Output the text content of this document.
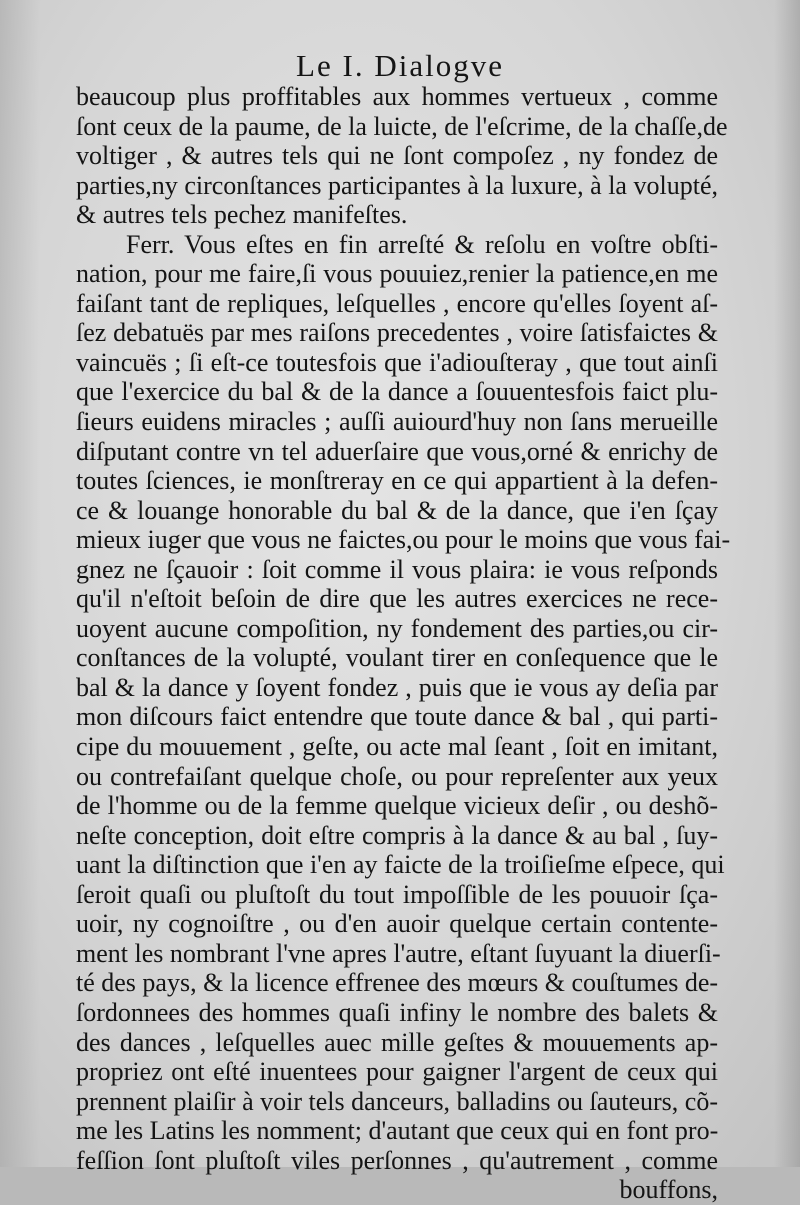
Le I. Dialogve
beaucoup plus proffitables aux hommes vertueux , comme
ſont ceux de la paume, de la luicte, de l'eſcrime, de la chaſſe,de
voltiger , & autres tels qui ne ſont compoſez , ny fondez de
parties,ny circonſtances participantes à la luxure, à la volupté,
& autres tels pechez manifeſtes.
Ferr. Vous eſtes en fin arreſté & reſolu en voſtre obſti-
nation, pour me faire,ſi vous pouuiez,renier la patience,en me
faiſant tant de repliques, leſquelles , encore qu'elles ſoyent aſ-
ſez debatuës par mes raiſons precedentes , voire ſatisfaictes &
vaincuës ; ſi eſt-ce toutesfois que i'adiouſteray , que tout ainſi
que l'exercice du bal & de la dance a ſouuentesfois faict plu-
ſieurs euidens miracles ; auſſi auiourd'huy non ſans merueille
diſputant contre vn tel aduerſaire que vous,orné & enrichy de
toutes ſciences, ie monſtreray en ce qui appartient à la defen-
ce & louange honorable du bal & de la dance, que i'en ſçay
mieux iuger que vous ne faictes,ou pour le moins que vous fai-
gnez ne ſçauoir : ſoit comme il vous plaira: ie vous reſponds
qu'il n'eſtoit beſoin de dire que les autres exercices ne rece-
uoyent aucune compoſition, ny fondement des parties,ou cir-
conſtances de la volupté, voulant tirer en conſequence que le
bal & la dance y ſoyent fondez , puis que ie vous ay deſia par
mon diſcours faict entendre que toute dance & bal , qui parti-
cipe du mouuement , geſte, ou acte mal ſeant , ſoit en imitant,
ou contrefaiſant quelque choſe, ou pour repreſenter aux yeux
de l'homme ou de la femme quelque vicieux deſir , ou deshõ-
neſte conception, doit eſtre compris à la dance & au bal , ſuy-
uant la diſtinction que i'en ay faicte de la troiſieſme eſpece, qui
ſeroit quaſi ou pluſtoſt du tout impoſſible de les pouuoir ſça-
uoir, ny cognoiſtre , ou d'en auoir quelque certain contente-
ment les nombrant l'vne apres l'autre, eſtant ſuyuant la diuerſi-
té des pays, & la licence effrenee des mœurs & couſtumes de-
ſordonnees des hommes quaſi infiny le nombre des balets &
des dances , leſquelles auec mille geſtes & mouuements ap-
propriez ont eſté inuentees pour gaigner l'argent de ceux qui
prennent plaiſir à voir tels danceurs, balladins ou ſauteurs, cõ-
me les Latins les nomment; d'autant que ceux qui en font pro-
feſſion ſont pluſtoſt viles perſonnes , qu'autrement , comme
bouffons,
